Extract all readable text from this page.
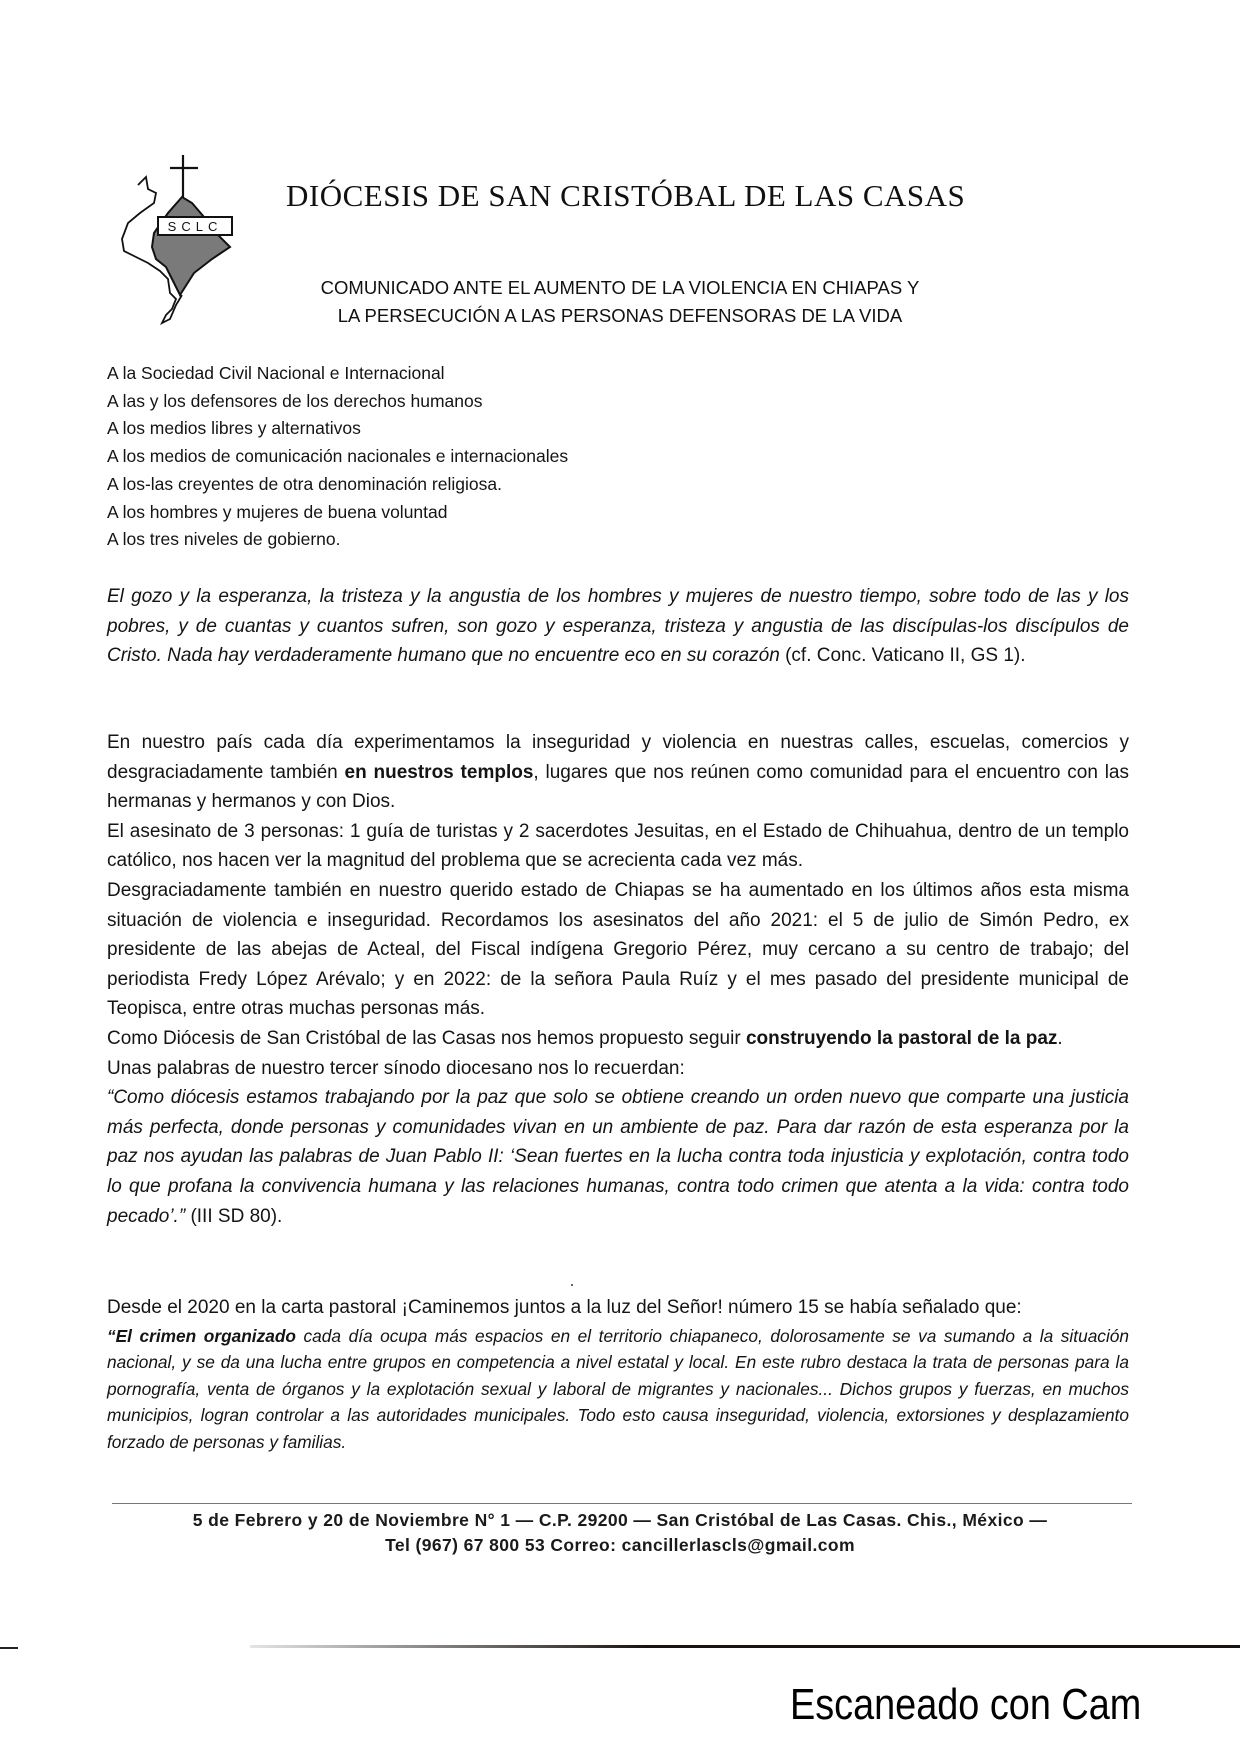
SCLC
DIÓCESIS DE SAN CRISTÓBAL DE LAS CASAS
COMUNICADO ANTE EL AUMENTO DE LA VIOLENCIA EN CHIAPAS Y
LA PERSECUCIÓN A LAS PERSONAS DEFENSORAS DE LA VIDA
A la Sociedad Civil Nacional e Internacional
A las y los defensores de los derechos humanos
A los medios libres y alternativos
A los medios de comunicación nacionales e internacionales
A los-las creyentes de otra denominación religiosa.
A los hombres y mujeres de buena voluntad
A los tres niveles de gobierno.

El gozo y la esperanza, la tristeza y la angustia de los hombres y mujeres de nuestro tiempo, sobre todo de las y los pobres, y de cuantas y cuantos sufren, son gozo y esperanza, tristeza y angustia de las discípulas-los discípulos de Cristo. Nada hay verdaderamente humano que no encuentre eco en su corazón (cf. Conc. Vaticano II, GS 1).

En nuestro país cada día experimentamos la inseguridad y violencia en nuestras calles, escuelas, comercios y desgraciadamente también en nuestros templos, lugares que nos reúnen como comunidad para el encuentro con las hermanas y hermanos y con Dios.

El asesinato de 3 personas: 1 guía de turistas y 2 sacerdotes Jesuitas, en el Estado de Chihuahua, dentro de un templo católico, nos hacen ver la magnitud del problema que se acrecienta cada vez más.

Desgraciadamente también en nuestro querido estado de Chiapas se ha aumentado en los últimos años esta misma situación de violencia e inseguridad. Recordamos los asesinatos del año 2021: el 5 de julio de Simón Pedro, ex presidente de las abejas de Acteal, del Fiscal indígena Gregorio Pérez, muy cercano a su centro de trabajo; del periodista Fredy López Arévalo; y en 2022: de la señora Paula Ruíz y el mes pasado del presidente municipal de Teopisca, entre otras muchas personas más.

Como Diócesis de San Cristóbal de las Casas nos hemos propuesto seguir construyendo la pastoral de la paz.

Unas palabras de nuestro tercer sínodo diocesano nos lo recuerdan:

“Como diócesis estamos trabajando por la paz que solo se obtiene creando un orden nuevo que comparte una justicia más perfecta, donde personas y comunidades vivan en un ambiente de paz. Para dar razón de esta esperanza por la paz nos ayudan las palabras de Juan Pablo II: ‘Sean fuertes en la lucha contra toda injusticia y explotación, contra todo lo que profana la convivencia humana y las relaciones humanas, contra todo crimen que atenta a la vida: contra todo pecado’.” (III SD 80).

Desde el 2020 en la carta pastoral ¡Caminemos juntos a la luz del Señor! número 15 se había señalado que:

“El crimen organizado cada día ocupa más espacios en el territorio chiapaneco, dolorosamente se va sumando a la situación nacional, y se da una lucha entre grupos en competencia a nivel estatal y local. En este rubro destaca la trata de personas para la pornografía, venta de órganos y la explotación sexual y laboral de migrantes y nacionales... Dichos grupos y fuerzas, en muchos municipios, logran controlar a las autoridades municipales. Todo esto causa inseguridad, violencia, extorsiones y desplazamiento forzado de personas y familias.

5 de Febrero y 20 de Noviembre N° 1 — C.P. 29200 — San Cristóbal de Las Casas. Chis., México —
Tel (967) 67 800 53 Correo: cancillerlascls@gmail.com
Escaneado con Cam
